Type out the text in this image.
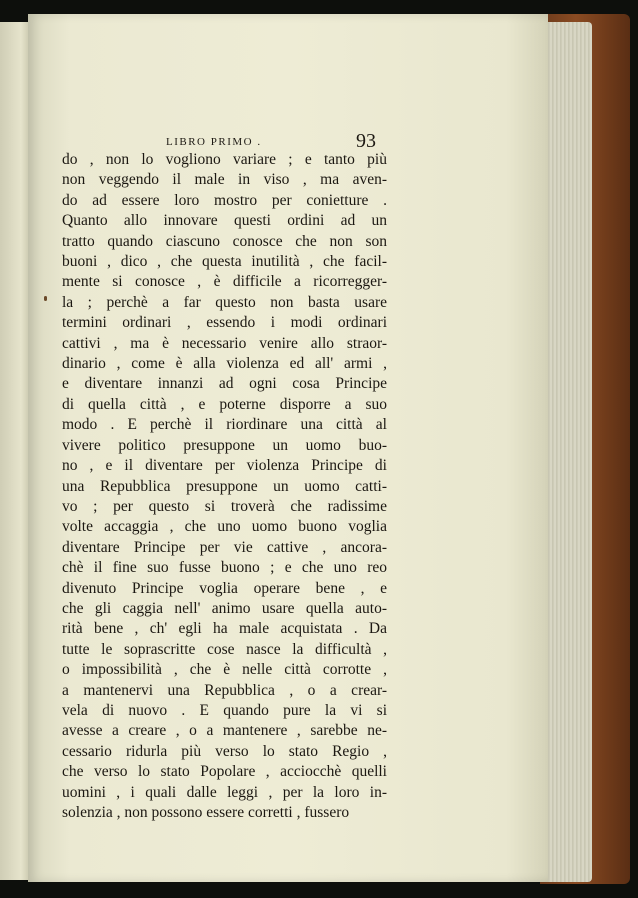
LIBRO PRIMO .	93
do , non lo vogliono variare ; e tanto più
non veggendo il male in viso , ma aven-
do ad essere loro mostro per conietture .
Quanto allo innovare questi ordini ad un
tratto quando ciascuno conosce che non son
buoni , dico , che questa inutilità , che facil-
mente si conosce , è difficile a ricorregger-
la ; perchè a far questo non basta usare
termini ordinari , essendo i modi ordinari
cattivi , ma è necessario venire allo straor-
dinario , come è alla violenza ed all' armi ,
e diventare innanzi ad ogni cosa Principe
di quella città , e poterne disporre a suo
modo . E perchè il riordinare una città al
vivere politico presuppone un uomo buo-
no , e il diventare per violenza Principe di
una Repubblica presuppone un uomo catti-
vo ; per questo si troverà che radissime
volte accaggia , che uno uomo buono voglia
diventare Principe per vie cattive , ancora-
chè il fine suo fusse buono ; e che uno reo
divenuto Principe voglia operare bene , e
che gli caggia nell' animo usare quella auto-
rità bene , ch' egli ha male acquistata . Da
tutte le soprascritte cose nasce la difficultà ,
o impossibilità , che è nelle città corrotte ,
a mantenervi una Repubblica , o a crear-
vela di nuovo . E quando pure la vi si
avesse a creare , o a mantenere , sarebbe ne-
cessario ridurla più verso lo stato Regio ,
che verso lo stato Popolare , acciocchè quelli
uomini , i quali dalle leggi , per la loro in-
solenzia , non possono essere corretti , fussero
